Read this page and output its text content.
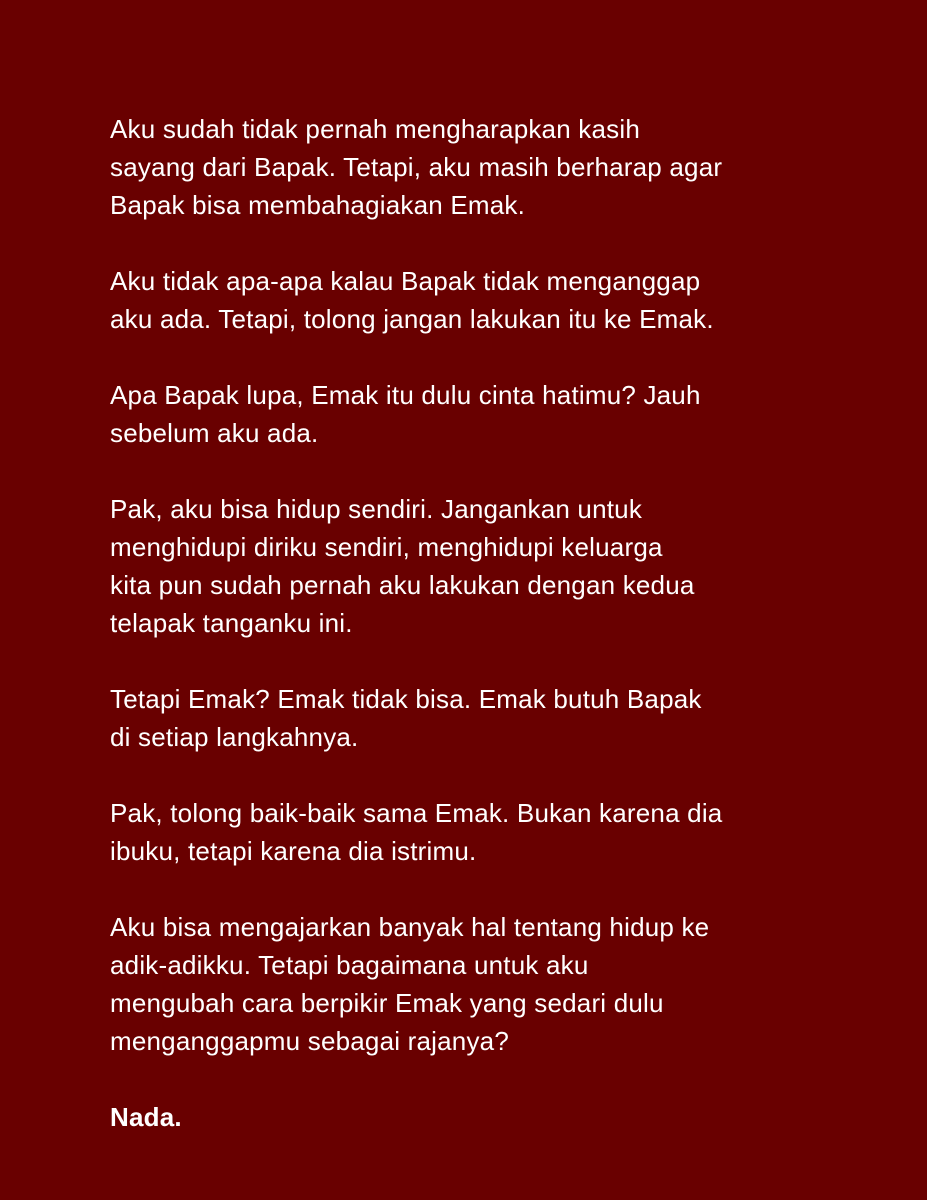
Aku sudah tidak pernah mengharapkan kasih
sayang dari Bapak. Tetapi, aku masih berharap agar
Bapak bisa membahagiakan Emak.

Aku tidak apa-apa kalau Bapak tidak menganggap
aku ada. Tetapi, tolong jangan lakukan itu ke Emak.

Apa Bapak lupa, Emak itu dulu cinta hatimu? Jauh
sebelum aku ada.

Pak, aku bisa hidup sendiri. Jangankan untuk
menghidupi diriku sendiri, menghidupi keluarga
kita pun sudah pernah aku lakukan dengan kedua
telapak tanganku ini.

Tetapi Emak? Emak tidak bisa. Emak butuh Bapak
di setiap langkahnya.

Pak, tolong baik-baik sama Emak. Bukan karena dia
ibuku, tetapi karena dia istrimu.

Aku bisa mengajarkan banyak hal tentang hidup ke
adik-adikku. Tetapi bagaimana untuk aku
mengubah cara berpikir Emak yang sedari dulu
menganggapmu sebagai rajanya?

Nada.
